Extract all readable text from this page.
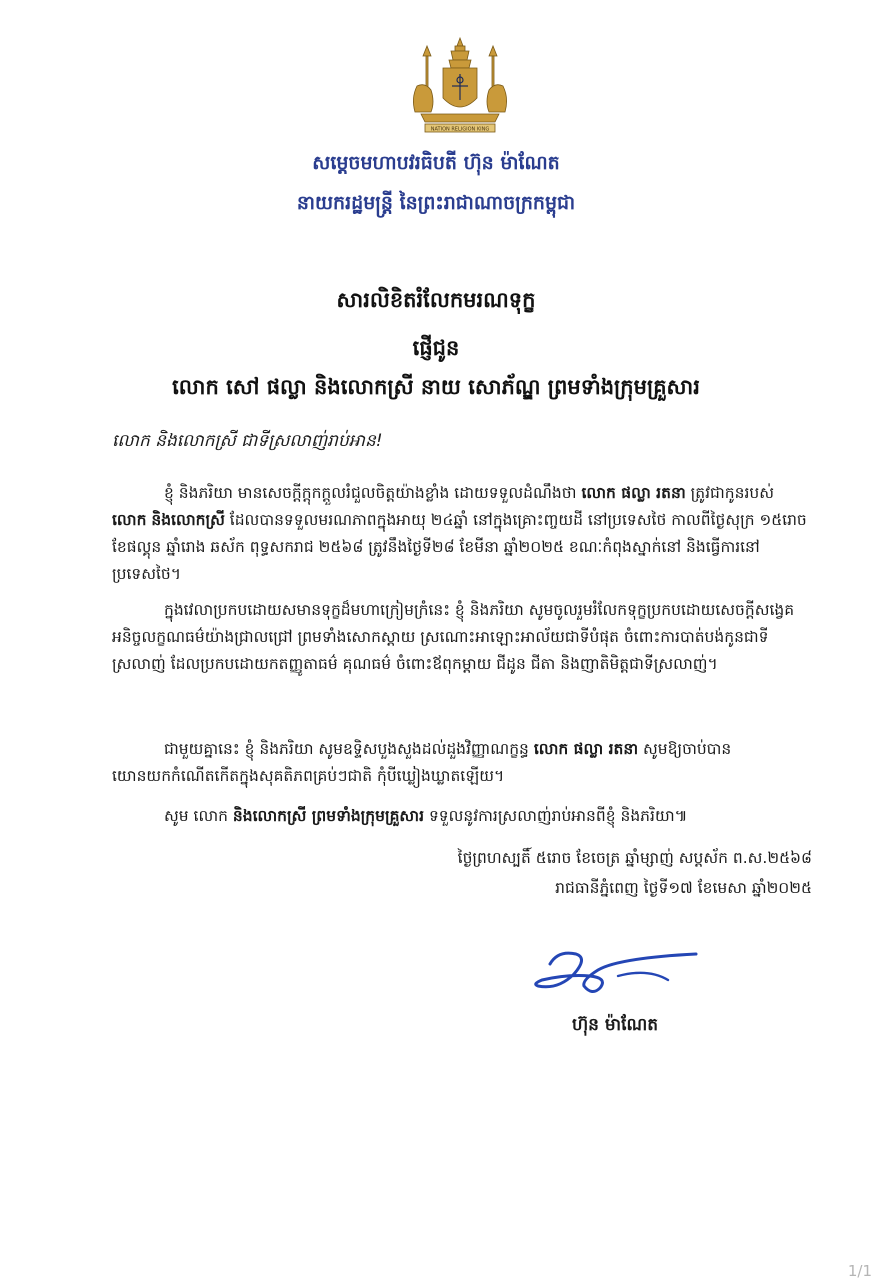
NATION RELIGION KING
សម្តេចមហាបវរធិបតី ហ៊ុន ម៉ាណែត
នាយករដ្ឋមន្ត្រី នៃព្រះរាជាណាចក្រកម្ពុជា
សារលិខិតរំលែកមរណទុក្ខ
ផ្ញើជូន
លោក សៅ ផល្លា និងលោកស្រី នាយ សោភ័ណ្ឌ ព្រមទាំងក្រុមគ្រួសារ
លោក និងលោកស្រី ជាទីស្រលាញ់រាប់អាន!
ខ្ញុំ និងភរិយា មានសេចក្តីក្តុកក្តួលរំជួលចិត្តយ៉ាងខ្លាំង ដោយទទួលដំណឹងថា លោក ផល្លា រតនា ត្រូវជាកូនរបស់ លោក និងលោកស្រី ដែលបានទទួលមរណភាពក្នុងអាយុ ២៤ឆ្នាំ នៅក្នុងគ្រោះញ្ចយដី នៅប្រទេសថៃ កាលពីថ្ងៃសុក្រ ១៥រោច ខែផល្គុន ឆ្នាំរោង ឆស័ក ពុទ្ធសករាជ ២៥៦៨ ត្រូវនឹងថ្ងៃទី២៨ ខែមីនា ឆ្នាំ២០២៥ ខណៈកំពុងស្នាក់នៅ និងធ្វើការនៅប្រទេសថៃ។
ក្នុងវេលាប្រកបដោយសមានទុក្ខដ៏មហាក្រៀមក្រំនេះ ខ្ញុំ និងភរិយា សូមចូលរួមរំលែកទុក្ខប្រកបដោយសេចក្តីសង្វេគអនិច្ចលក្ខណធម៌យ៉ាងជ្រាលជ្រៅ ព្រមទាំងសោកស្តាយ ស្រណោះអាឡោះអាល័យជាទីបំផុត ចំពោះការបាត់បង់កូនជាទីស្រលាញ់ ដែលប្រកបដោយកតញ្ញូតាធម៌ គុណធម៌ ចំពោះឪពុកម្តាយ ជីដូន ជីតា និងញាតិមិត្តជាទីស្រលាញ់។
ជាមួយគ្នានេះ ខ្ញុំ និងភរិយា សូមឧទ្ទិសបួងសួងដល់ដួងវិញ្ញាណក្ខន្ធ លោក ផល្លា រតនា សូមឱ្យចាប់បានយោនយកកំណើតកើតក្នុងសុគតិភពគ្រប់ៗជាតិ កុំបីឃ្លៀងឃ្លាតឡើយ។
សូម លោក និងលោកស្រី ព្រមទាំងក្រុមគ្រួសារ ទទួលនូវការស្រលាញ់រាប់អានពីខ្ញុំ និងភរិយា៕
ថ្ងៃព្រហស្បតិ៍ ៥រោច ខែចេត្រ ឆ្នាំម្សាញ់ សប្តស័ក ព.ស.២៥៦៨
រាជធានីភ្នំពេញ ថ្ងៃទី១៧ ខែមេសា ឆ្នាំ២០២៥
ហ៊ុន ម៉ាណែត
1/1
